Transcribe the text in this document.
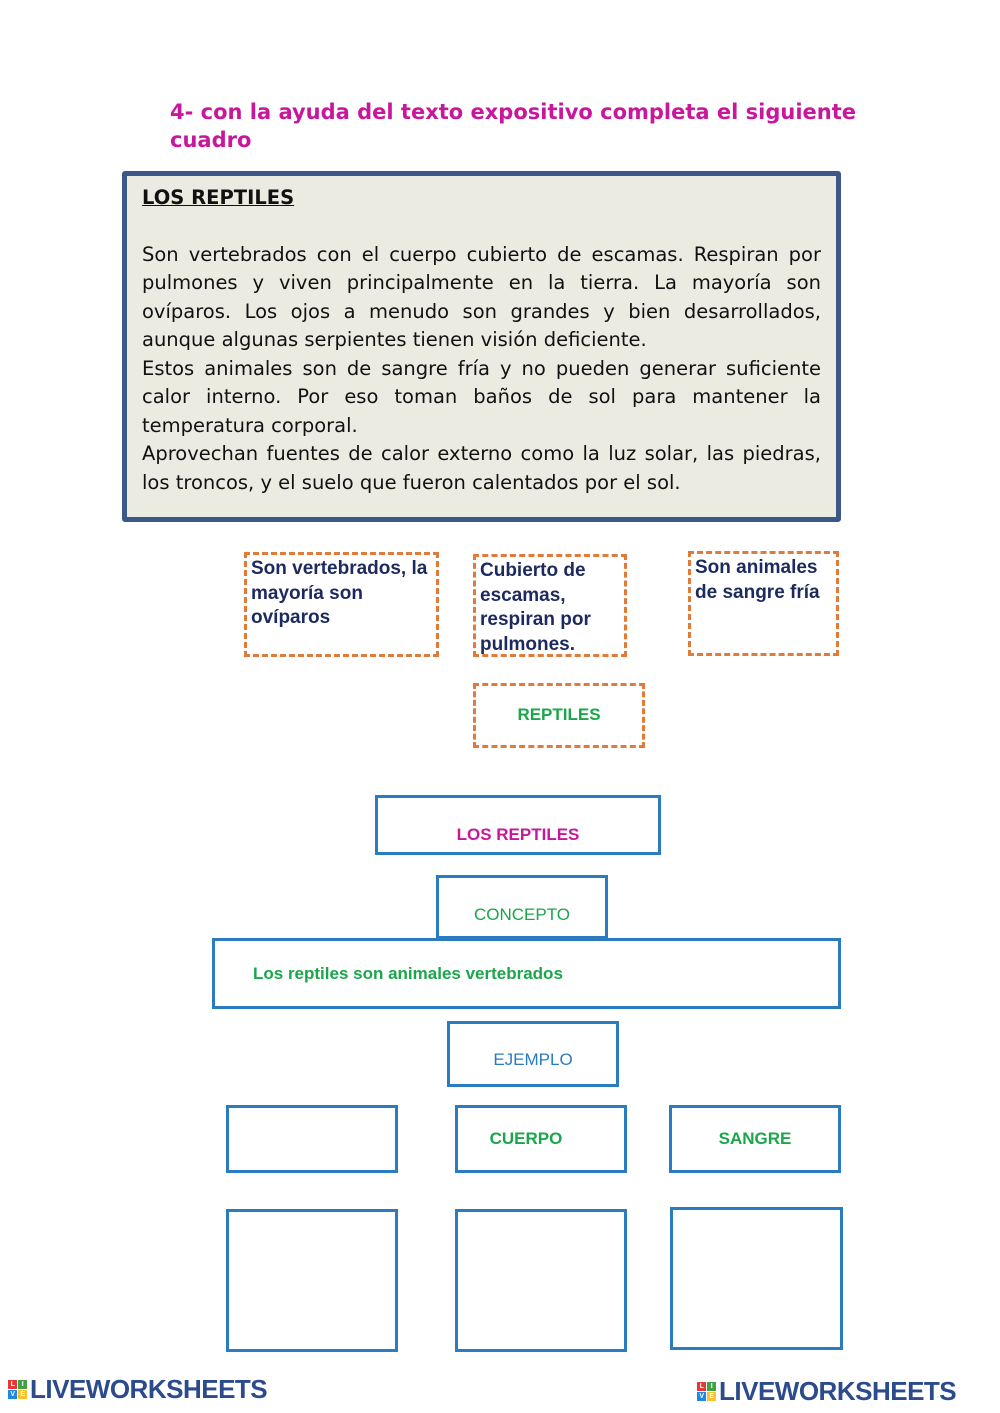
4- con la ayuda del texto expositivo completa el siguiente cuadro
LOS REPTILES

Son vertebrados con el cuerpo cubierto de escamas. Respiran por pulmones y viven principalmente en la tierra. La mayoría son ovíparos. Los ojos a menudo son grandes y bien desarrollados, aunque algunas serpientes tienen visión deficiente.

Estos animales son de sangre fría y no pueden generar suficiente calor interno. Por eso toman baños de sol para mantener la temperatura corporal.

Aprovechan fuentes de calor externo como la luz solar, las piedras, los troncos, y el suelo que fueron calentados por el sol.

Son vertebrados, la mayoría son ovíparos
Cubierto de escamas, respiran por pulmones.
Son animales de sangre fría
REPTILES
LOS REPTILES
CONCEPTO
Los reptiles son animales vertebrados
EJEMPLO
CUERPO	SANGRE
L	I
V E LIVEWORKSHEETS	L	I
V E LIVEWORKSHEETS
